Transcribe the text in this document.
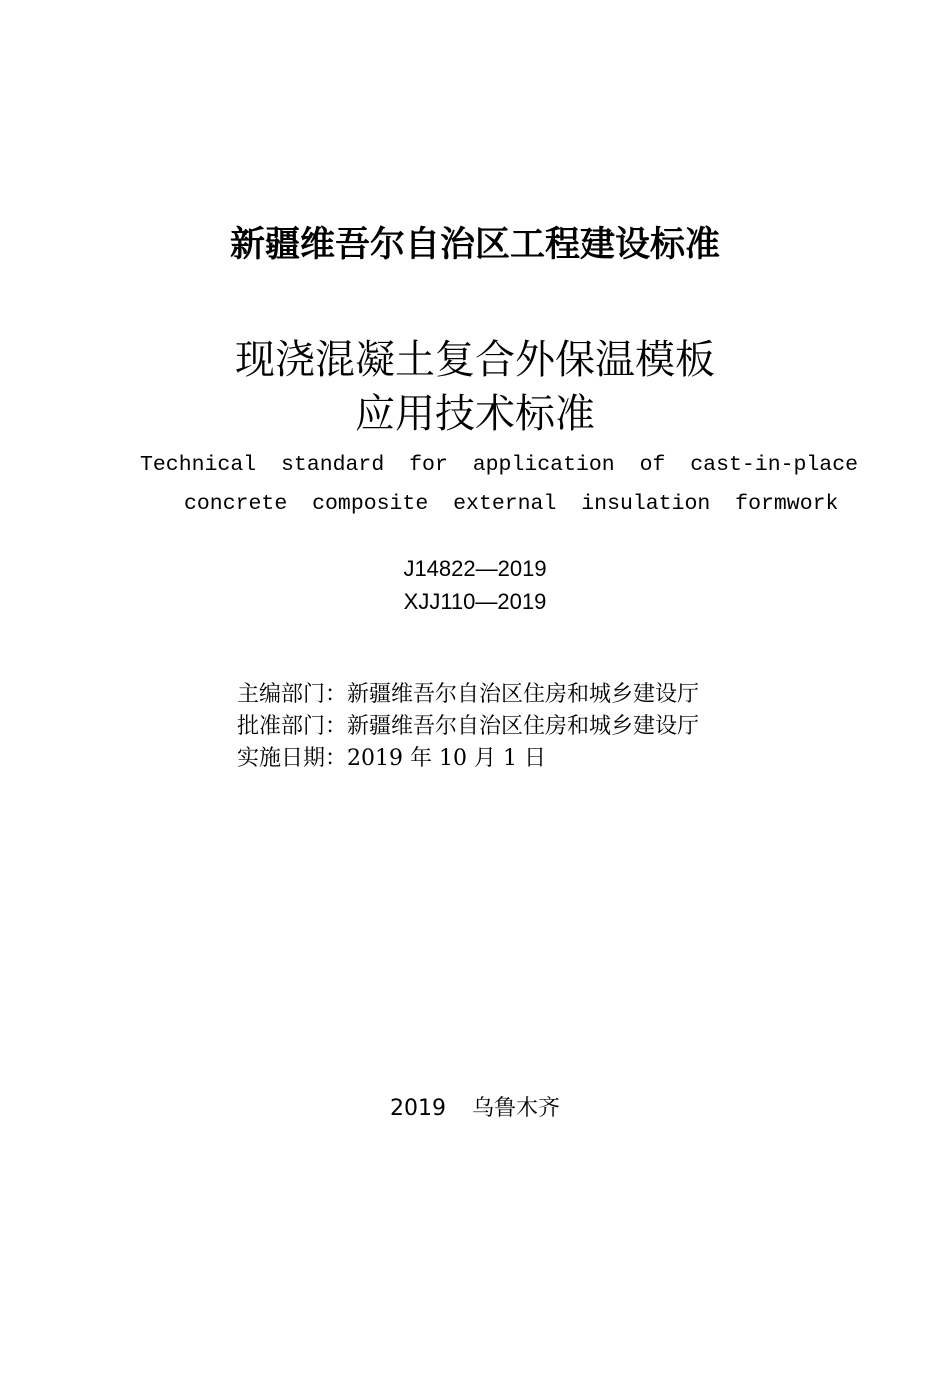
新疆维吾尔自治区工程建设标准
现浇混凝土复合外保温模板
应用技术标准
Technical standard for application of cast-in-place
concrete composite external insulation formwork
J14822—2019
XJJ110—2019
主编部门：新疆维吾尔自治区住房和城乡建设厅
批准部门：新疆维吾尔自治区住房和城乡建设厅
实施日期：2019 年 10 月 1 日
2019 乌鲁木齐
